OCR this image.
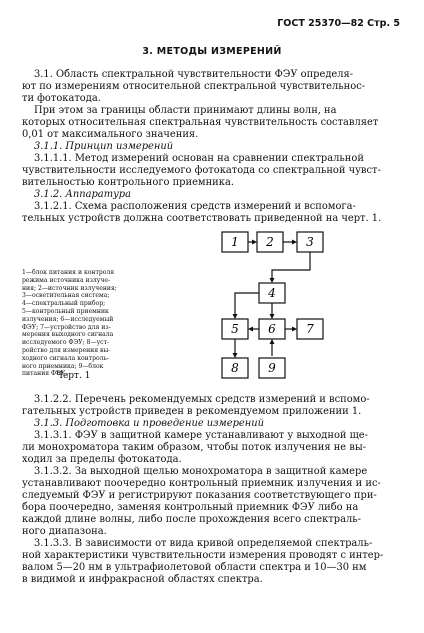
ГОСТ 25370—82 Стр. 5
3. МЕТОДЫ ИЗМЕРЕНИЙ
3.1. Область спектральной чувствительности ФЭУ определя-
ют по измерениям относительной спектральной чувствительнос-
ти фотокатода.
При этом за границы области принимают длины волн, на
которых относительная спектральная чувствительность составляет
0,01 от максимального значения.
3.1.1. Принцип измерений
3.1.1.1. Метод измерений основан на сравнении спектральной
чувствительности исследуемого фотокатода со спектральной чувст-
вительностью контрольного приемника.
3.1.2. Аппаратура
3.1.2.1. Схема расположения средств измерений и вспомога-
тельных устройств должна соответствовать приведенной на черт. 1.
1 2	3
4
5 6	7
8 9
1—блок питания и контроля
режима источника излуче-
ния; 2—источник излучения;
3—осветительная система;
4—спектральный прибор;
5—контрольный приемник
излучения; 6—исследуемый
ФЭУ; 7—устройство для из-
мерения выходного сигнала
исследуемого ФЭУ; 8—уст-
ройство для измерения вы-
ходного сигнала контроль-
ного приемника; 9—блок
питания ФЭУ.
Черт. 1
3.1.2.2. Перечень рекомендуемых средств измерений и вспомо-
гательных устройств приведен в рекомендуемом приложении 1.
3.1.3. Подготовка и проведение измерений
3.1.3.1. ФЭУ в защитной камере устанавливают у выходной ще-
ли монохроматора таким образом, чтобы поток излучения не вы-
ходил за пределы фотокатода.
3.1.3.2. За выходной щелью монохроматора в защитной камере
устанавливают поочередно контрольный приемник излучения и ис-
следуемый ФЭУ и регистрируют показания соответствующего при-
бора поочередно, заменяя контрольный приемник ФЭУ либо на
каждой длине волны, либо после прохождения всего спектраль-
ного диапазона.
3.1.3.3. В зависимости от вида кривой определяемой спектраль-
ной характеристики чувствительности измерения проводят с интер-
валом 5—20 нм в ультрафиолетовой области спектра и 10—30 нм
в видимой и инфракрасной областях спектра.
